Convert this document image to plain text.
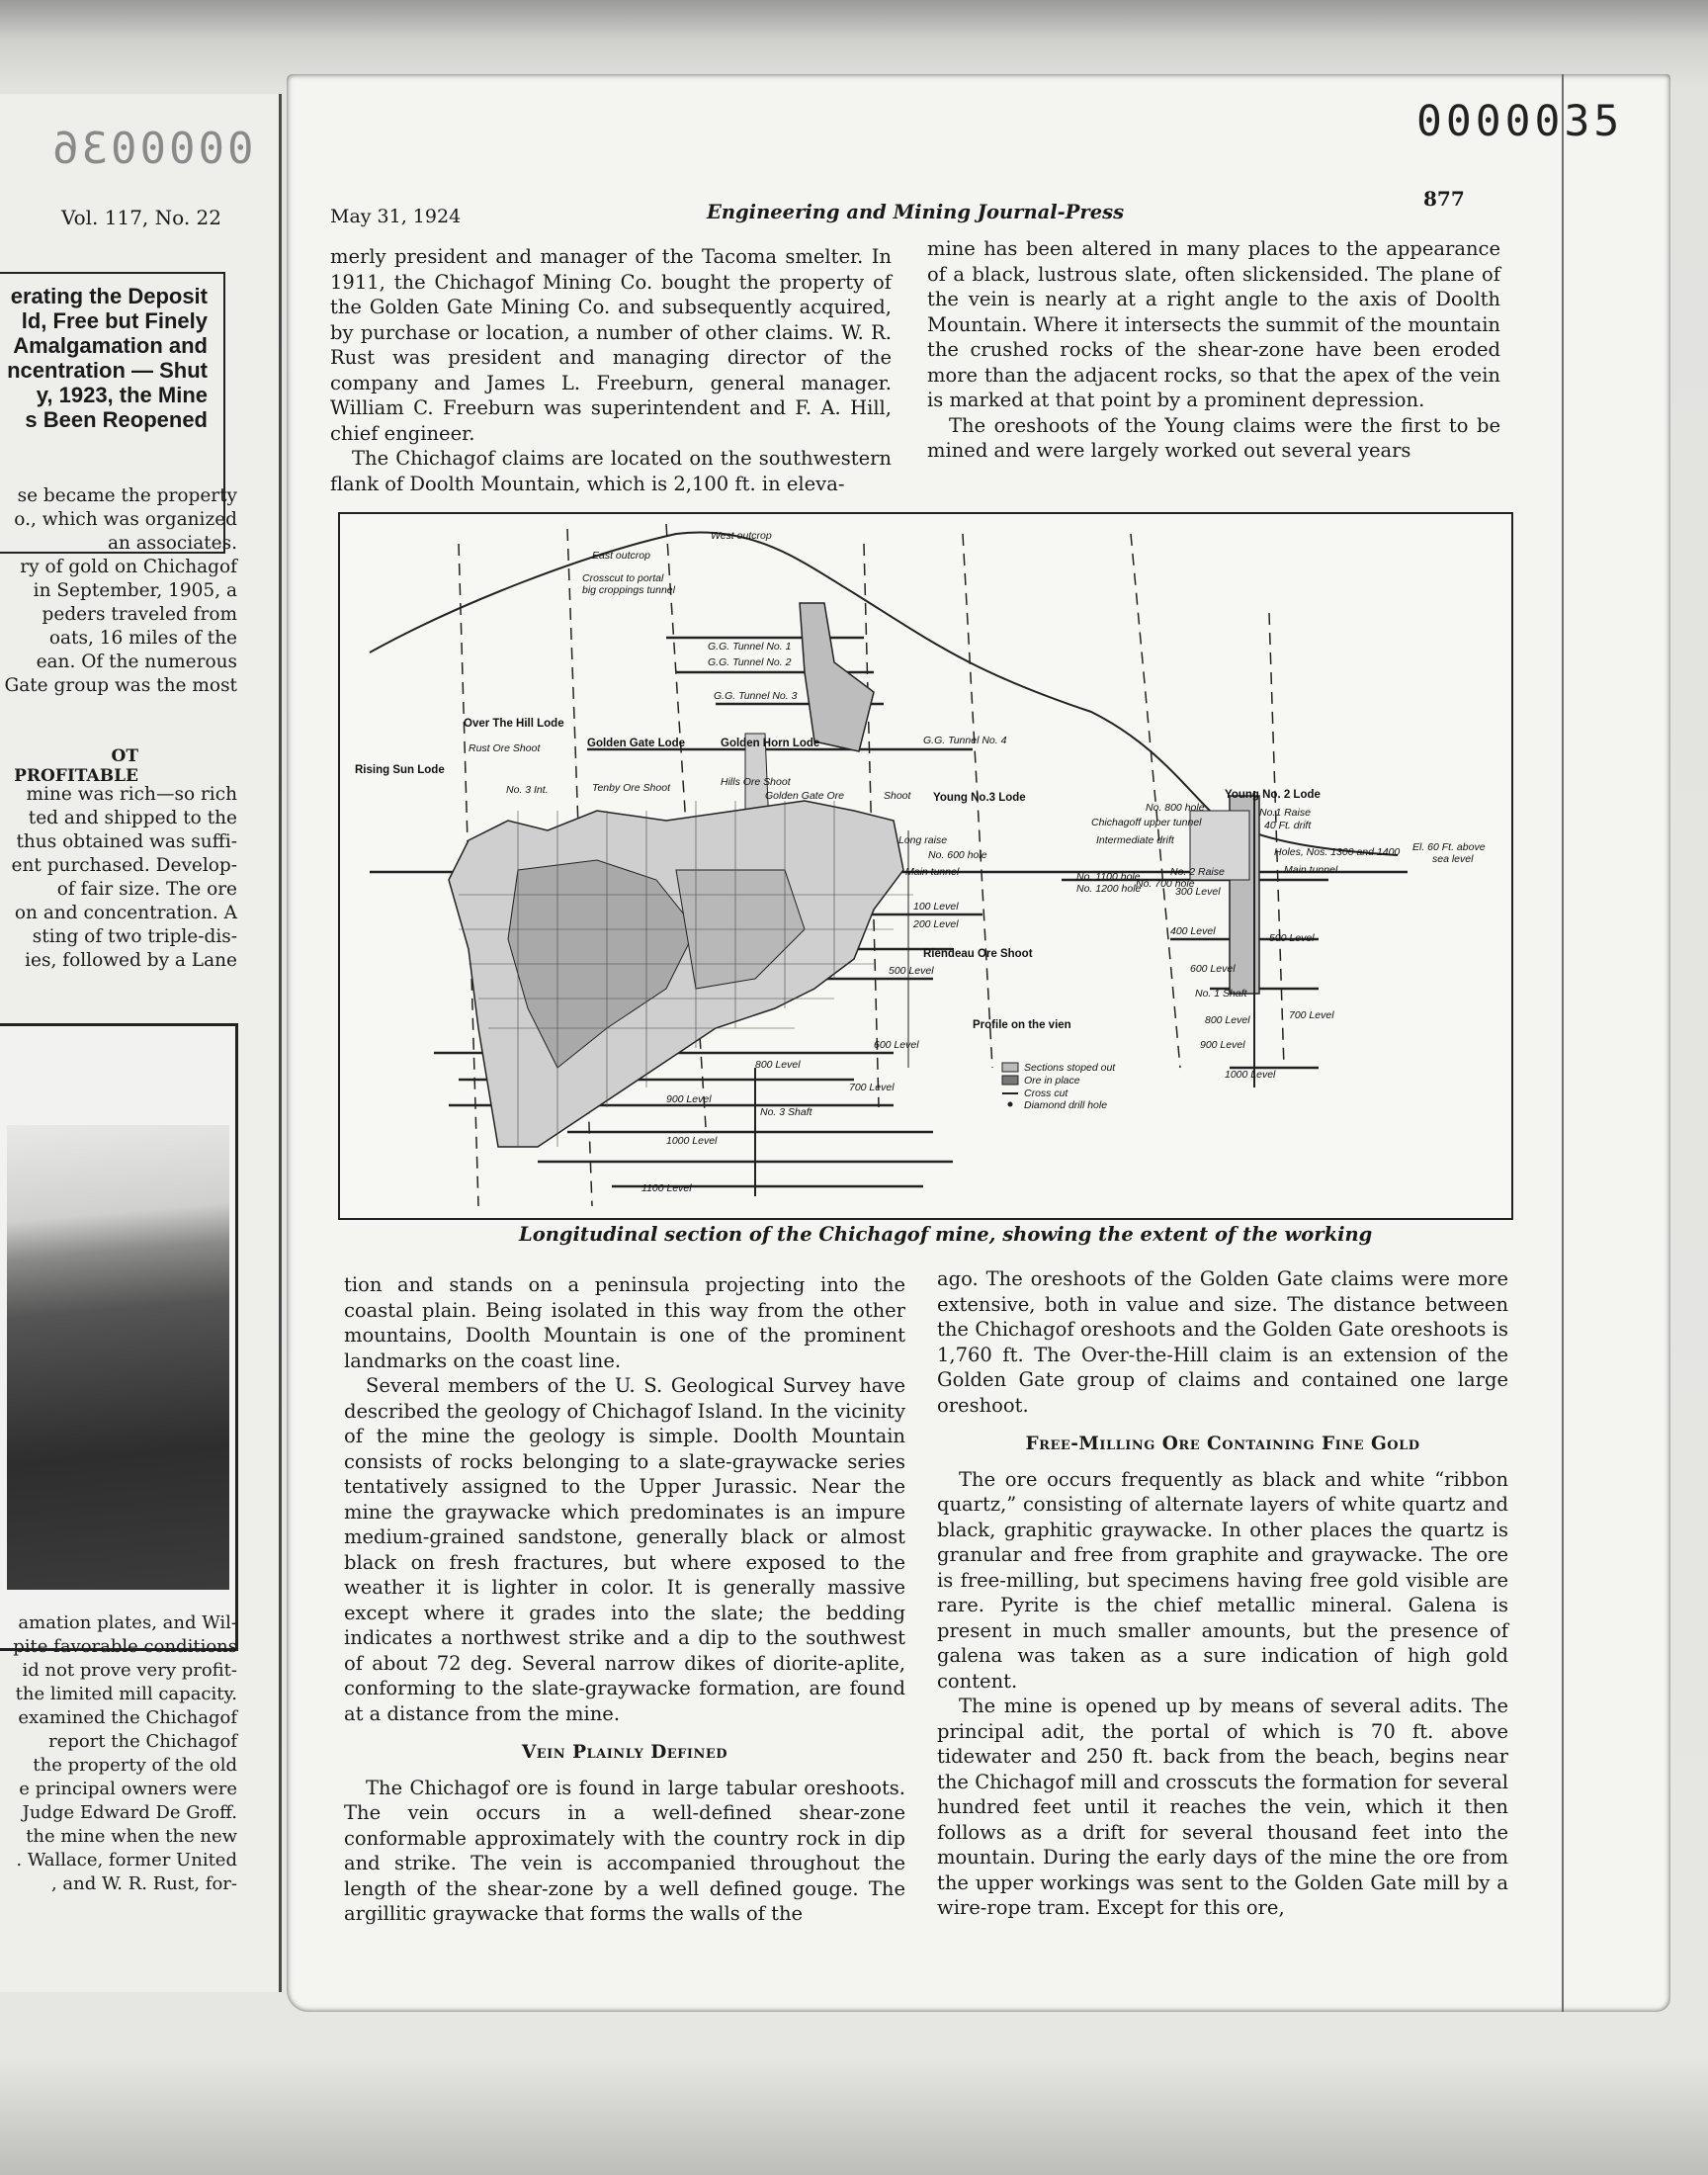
0000036
Vol. 117, No. 22
erating the Deposit
ld, Free but Finely
Amalgamation and
ncentration — Shut
y, 1923, the Mine
s Been Reopened
se became the property
o., which was organized
an associates.
ry of gold on Chichagof
in September, 1905, a
peders traveled from
oats, 16 miles of the
ean. Of the numerous
Gate group was the most
OT PROFITABLE
mine was rich—so rich
ted and shipped to the
thus obtained was suffi-
ent purchased. Develop-
of fair size. The ore
on and concentration. A
sting of two triple-dis-
ies, followed by a Lane
amation plates, and Wil-
pite favorable conditions
id not prove very profit-
the limited mill capacity.
examined the Chichagof
report the Chichagof
the property of the old
e principal owners were
Judge Edward De Groff.
the mine when the new
. Wallace, former United
, and W. R. Rust, for-
0000035
May 31, 1924	Engineering and Mining Journal-Press
877

merly president and manager of the Tacoma smelter. In 1911, the Chichagof Mining Co. bought the property of the Golden Gate Mining Co. and subsequently acquired, by purchase or location, a number of other claims. W. R. Rust was president and managing director of the company and James L. Freeburn, general manager. William C. Freeburn was superintendent and F. A. Hill, chief engineer.

The Chichagof claims are located on the southwestern flank of Doolth Mountain, which is 2,100 ft. in eleva-

mine has been altered in many places to the appearance of a black, lustrous slate, often slickensided. The plane of the vein is nearly at a right angle to the axis of Doolth Mountain. Where it intersects the summit of the mountain the crushed rocks of the shear-zone have been eroded more than the adjacent rocks, so that the apex of the vein is marked at that point by a prominent depression.

The oreshoots of the Young claims were the first to be mined and were largely worked out several years

West outcrop
East outcrop
Crosscut to portal
big croppings tunnel
G.G. Tunnel No. 1
G.G. Tunnel No. 2
G.G. Tunnel No. 3
G.G. Tunnel No. 4
Over The Hill Lode
Rust Ore Shoot
Rising Sun Lode
Golden Gate Lode	Golden Horn Lode
Tenby Ore Shoot	Hills Ore Shoot
Golden Gate Ore	Shoot Young No.3 Lode	Young No. 2 Lode
No. 3 Int.
Long raise
No. 600 hole
Main tunnel	Main tunnel
Riendeau Ore Shoot
Profile on the vien
No. 800 hole
Chichagoff upper tunnel
Intermediate drift
Holes, Nos. 1300 and 1400 El. 60 Ft. above
sea level
No.1 Raise
40 Ft. drift
No. 1100 hole
No. 1200 hole
No. 2 Raise
No. 700 hole
No. 1 Shaft
No. 3 Shaft
100 Level
200 Level
300 Level
400 Level
500 Level
500 Level
600 Level
600 Level
700 Level
700 Level
800 Level
800 Level
900 Level
900 Level
1000 Level
1000 Level
1100 Level
Sections stoped out
Ore in place
Cross cut
Diamond drill hole
Longitudinal section of the Chichagof mine, showing the extent of the working

tion and stands on a peninsula projecting into the coastal plain. Being isolated in this way from the other mountains, Doolth Mountain is one of the prominent landmarks on the coast line.

Several members of the U. S. Geological Survey have described the geology of Chichagof Island. In the vicinity of the mine the geology is simple. Doolth Mountain consists of rocks belonging to a slate-graywacke series tentatively assigned to the Upper Jurassic. Near the mine the graywacke which predominates is an impure medium-grained sandstone, generally black or almost black on fresh fractures, but where exposed to the weather it is lighter in color. It is generally massive except where it grades into the slate; the bedding indicates a northwest strike and a dip to the southwest of about 72 deg. Several narrow dikes of diorite-aplite, conforming to the slate-graywacke formation, are found at a distance from the mine.

Vein Plainly Defined

The Chichagof ore is found in large tabular oreshoots. The vein occurs in a well-defined shear-zone conformable approximately with the country rock in dip and strike. The vein is accompanied throughout the length of the shear-zone by a well defined gouge. The argillitic graywacke that forms the walls of the

ago. The oreshoots of the Golden Gate claims were more extensive, both in value and size. The distance between the Chichagof oreshoots and the Golden Gate oreshoots is 1,760 ft. The Over-the-Hill claim is an extension of the Golden Gate group of claims and contained one large oreshoot.

Free-Milling Ore Containing Fine Gold

The ore occurs frequently as black and white “ribbon quartz,” consisting of alternate layers of white quartz and black, graphitic graywacke. In other places the quartz is granular and free from graphite and graywacke. The ore is free-milling, but specimens having free gold visible are rare. Pyrite is the chief metallic mineral. Galena is present in much smaller amounts, but the presence of galena was taken as a sure indication of high gold content.

The mine is opened up by means of several adits. The principal adit, the portal of which is 70 ft. above tidewater and 250 ft. back from the beach, begins near the Chichagof mill and crosscuts the formation for several hundred feet until it reaches the vein, which it then follows as a drift for several thousand feet into the mountain. During the early days of the mine the ore from the upper workings was sent to the Golden Gate mill by a wire-rope tram. Except for this ore,
